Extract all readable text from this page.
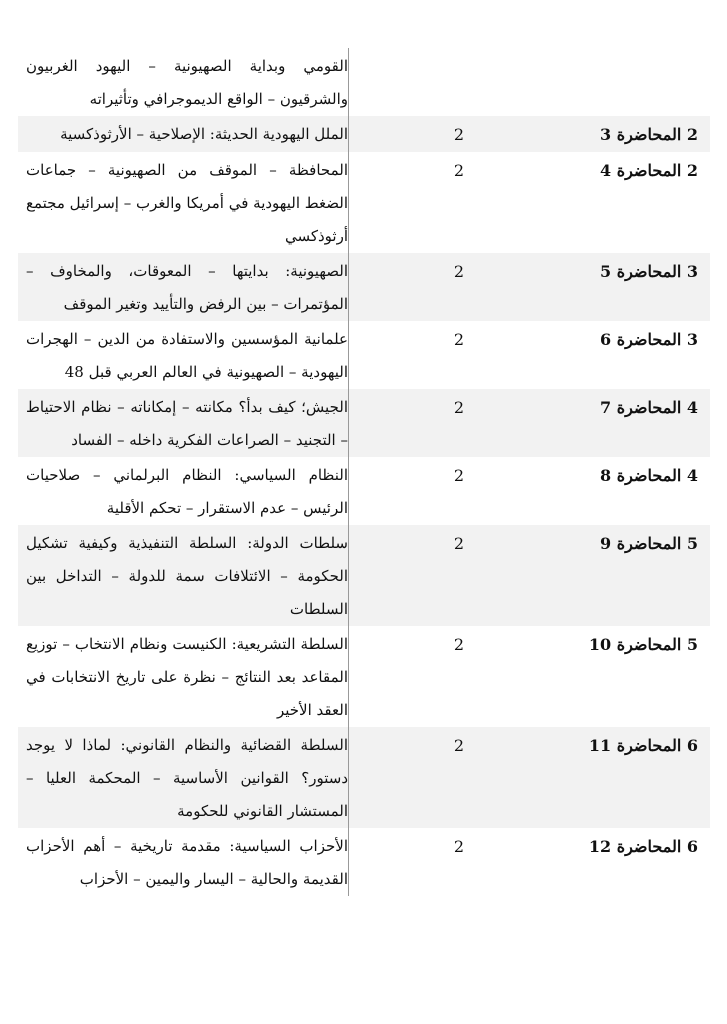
القومي وبداية الصهيونية – اليهود الغربيون والشرقيون – الواقع الديموجرافي وتأثيراته
2 المحاضرة 3
2
الملل اليهودية الحديثة: الإصلاحية – الأرثوذكسية
2 المحاضرة 4
2
المحافظة – الموقف من الصهيونية – جماعات الضغط اليهودية في أمريكا والغرب – إسرائيل مجتمع أرثوذكسي
3 المحاضرة 5
2
الصهيونية: بدايتها – المعوقات، والمخاوف – المؤتمرات – بين الرفض والتأييد وتغير الموقف
3 المحاضرة 6
2
علمانية المؤسسين والاستفادة من الدين – الهجرات اليهودية – الصهيونية في العالم العربي قبل 48
4 المحاضرة 7
2
الجيش؛ كيف بدأ؟ مكانته – إمكاناته – نظام الاحتياط – التجنيد – الصراعات الفكرية داخله – الفساد
4 المحاضرة 8
2
النظام السياسي: النظام البرلماني – صلاحيات الرئيس – عدم الاستقرار – تحكم الأقلية
5 المحاضرة 9
2
سلطات الدولة: السلطة التنفيذية وكيفية تشكيل الحكومة – الائتلافات سمة للدولة – التداخل بين السلطات
5 المحاضرة 10
2
السلطة التشريعية: الكنيست ونظام الانتخاب – توزيع المقاعد بعد النتائج – نظرة على تاريخ الانتخابات في العقد الأخير
6 المحاضرة 11
2
السلطة القضائية والنظام القانوني: لماذا لا يوجد دستور؟ القوانين الأساسية – المحكمة العليا – المستشار القانوني للحكومة
6 المحاضرة 12
2
الأحزاب السياسية: مقدمة تاريخية – أهم الأحزاب القديمة والحالية – اليسار واليمين – الأحزاب
